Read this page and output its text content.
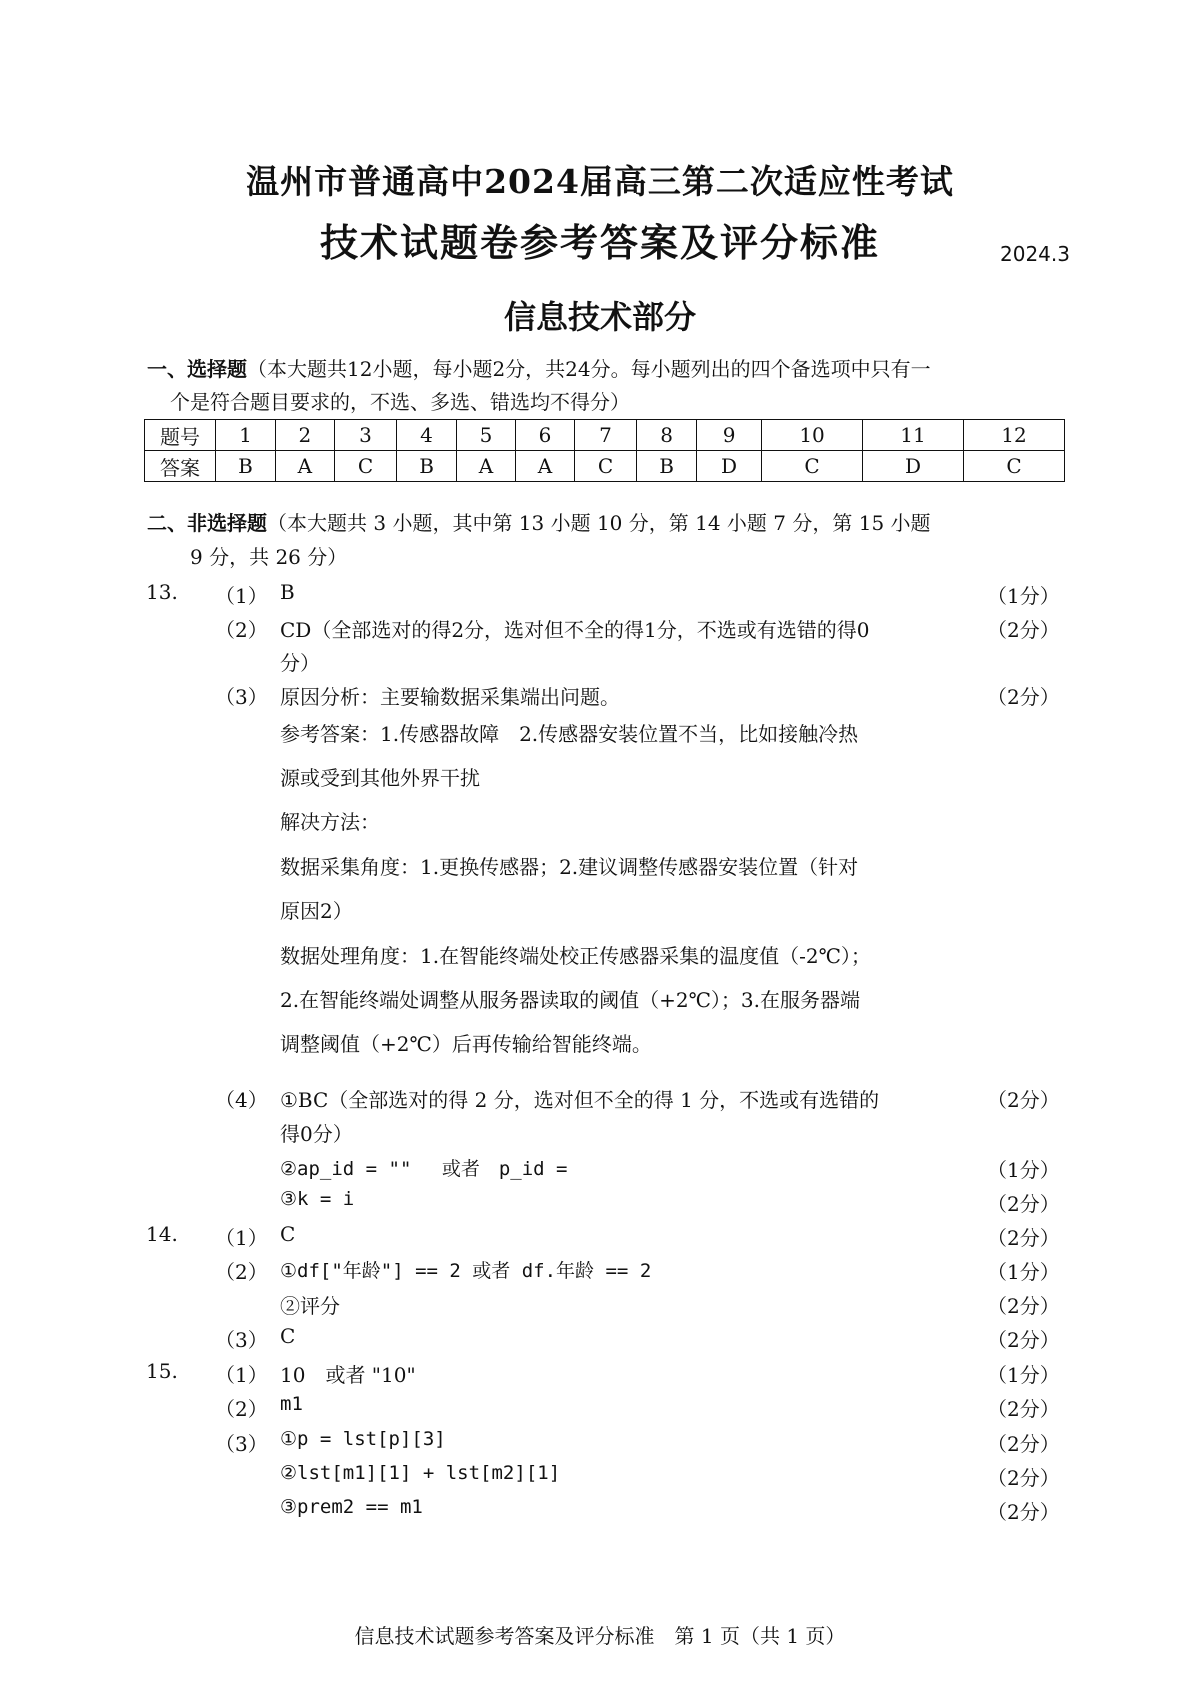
温州市普通高中2024届高三第二次适应性考试
技术试题卷参考答案及评分标准	2024.3
信息技术部分
一、选择题（本大题共12小题，每小题2分，共24分。每小题列出的四个备选项中只有一
个是符合题目要求的，不选、多选、错选均不得分）
题号	1	2	3	4	5	6	7	8	9	10	11	12
答案	B	A	C	B	A	A	C	B	D	C	D	C
二、非选择题（本大题共 3 小题，其中第 13 小题 10 分，第 14 小题 7 分，第 15 小题
9 分，共 26 分）
13. （1） B	（1分）
（2） CD（全部选对的得2分，选对但不全的得1分，不选或有选错的得0	（2分）
分）
（3） 原因分析：主要输数据采集端出问题。	（2分）
参考答案：1.传感器故障　2.传感器安装位置不当，比如接触冷热
源或受到其他外界干扰
解决方法：
数据采集角度：1.更换传感器；2.建议调整传感器安装位置（针对
原因2）
数据处理角度：1.在智能终端处校正传感器采集的温度值（-2℃）；
2.在智能终端处调整从服务器读取的阈值（+2℃）；3.在服务器端
调整阈值（+2℃）后再传输给智能终端。
（4） ①BC（全部选对的得 2 分，选对但不全的得 1 分，不选或有选错的	（2分）
得0分）
②ap_id = ""　 或者　p_id =	（1分）
③k = i	（2分）
14. （1） C	（2分）
（2） ①df["年龄"] == 2 或者 df.年龄 == 2	（1分）
②评分	（2分）
（3） C	（2分）
15. （1） 10　或者 "10"	（1分）
（2） m1	（2分）
（3） ①p = lst[p][3]	（2分）
②lst[m1][1] + lst[m2][1]	（2分）
③prem2 == m1	（2分）
信息技术试题参考答案及评分标准　第 1 页（共 1 页）
